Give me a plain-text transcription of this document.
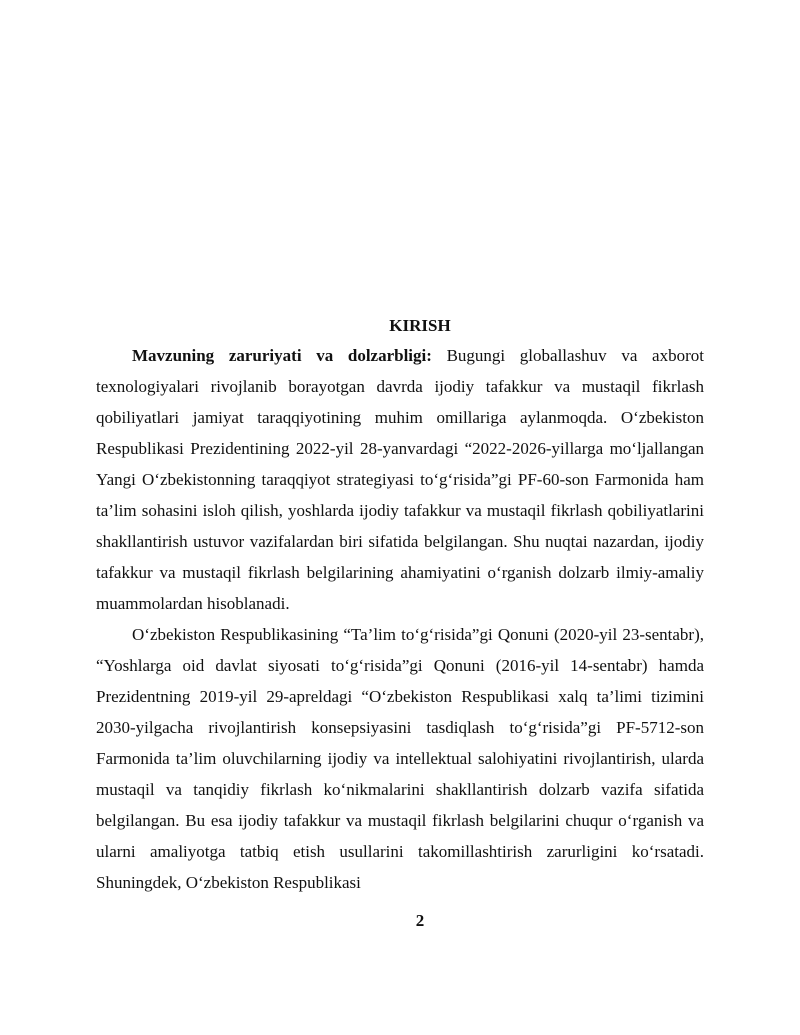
KIRISH

Mavzuning zaruriyati va dolzarbligi: Bugungi globallashuv va axborot texnologiyalari rivojlanib borayotgan davrda ijodiy tafakkur va mustaqil fikrlash qobiliyatlari jamiyat taraqqiyotining muhim omillariga aylanmoqda. O‘zbekiston Respublikasi Prezidentining 2022-yil 28-yanvardagi “2022-2026-yillarga mo‘ljallangan Yangi O‘zbekistonning taraqqiyot strategiyasi to‘g‘risida”gi PF-60-son Farmonida ham ta’lim sohasini isloh qilish, yoshlarda ijodiy tafakkur va mustaqil fikrlash qobiliyatlarini shakllantirish ustuvor vazifalardan biri sifatida belgilangan. Shu nuqtai nazardan, ijodiy tafakkur va mustaqil fikrlash belgilarining ahamiyatini o‘rganish dolzarb ilmiy-amaliy muammolardan hisoblanadi.

O‘zbekiston Respublikasining “Ta’lim to‘g‘risida”gi Qonuni (2020-yil 23-sentabr), “Yoshlarga oid davlat siyosati to‘g‘risida”gi Qonuni (2016-yil 14-sentabr) hamda Prezidentning 2019-yil 29-apreldagi “O‘zbekiston Respublikasi xalq ta’limi tizimini 2030-yilgacha rivojlantirish konsepsiyasini tasdiqlash to‘g‘risida”gi PF-5712-son Farmonida ta’lim oluvchilarning ijodiy va intellektual salohiyatini rivojlantirish, ularda mustaqil va tanqidiy fikrlash ko‘nikmalarini shakllantirish dolzarb vazifa sifatida belgilangan. Bu esa ijodiy tafakkur va mustaqil fikrlash belgilarini chuqur o‘rganish va ularni amaliyotga tatbiq etish usullarini takomillashtirish zarurligini ko‘rsatadi. Shuningdek, O‘zbekiston Respublikasi

2
